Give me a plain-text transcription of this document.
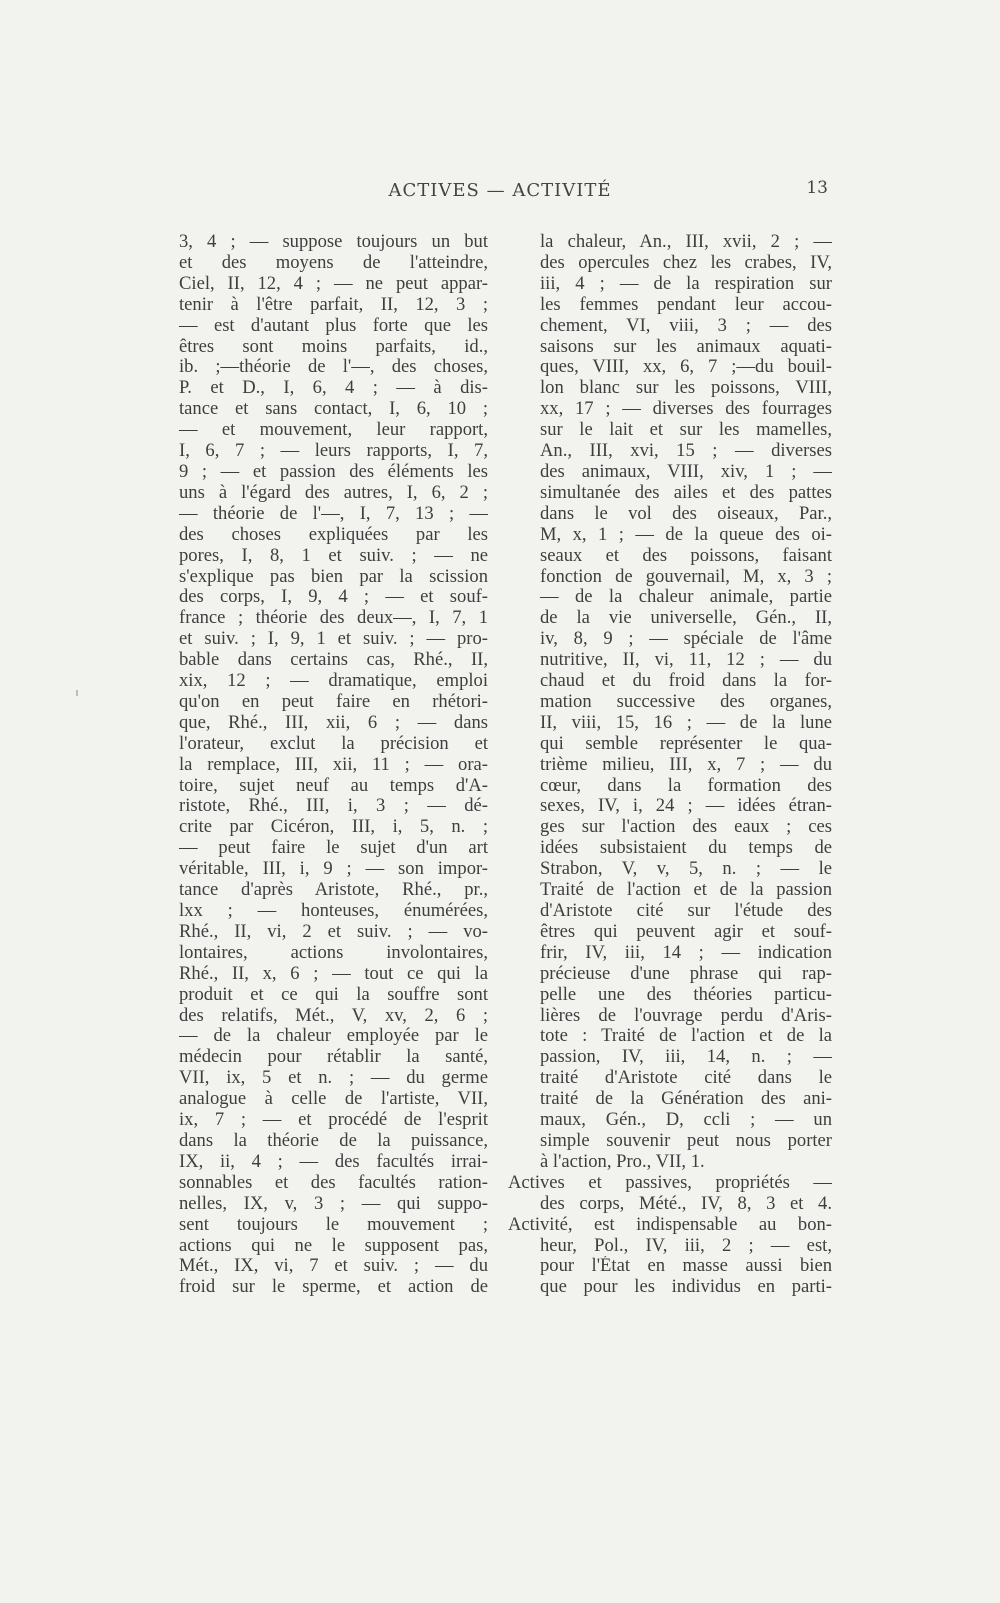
ACTIVES — ACTIVITÉ	13
3, 4 ; — suppose toujours un but
et des moyens de l'atteindre,
Ciel, II, 12, 4 ; — ne peut appar-
tenir à l'être parfait, II, 12, 3 ;
— est d'autant plus forte que les
êtres sont moins parfaits, id.,
ib. ;—théorie de l'—, des choses,
P. et D., I, 6, 4 ; — à dis-
tance et sans contact, I, 6, 10 ;
— et mouvement, leur rapport,
I, 6, 7 ; — leurs rapports, I, 7,
9 ; — et passion des éléments les
uns à l'égard des autres, I, 6, 2 ;
— théorie de l'—, I, 7, 13 ; —
des choses expliquées par les
pores, I, 8, 1 et suiv. ; — ne
s'explique pas bien par la scission
des corps, I, 9, 4 ; — et souf-
france ; théorie des deux—, I, 7, 1
et suiv. ; I, 9, 1 et suiv. ; — pro-
bable dans certains cas, Rhé., II,
xix, 12 ; — dramatique, emploi
qu'on en peut faire en rhétori-
que, Rhé., III, xii, 6 ; — dans
l'orateur, exclut la précision et
la remplace, III, xii, 11 ; — ora-
toire, sujet neuf au temps d'A-
ristote, Rhé., III, i, 3 ; — dé-
crite par Cicéron, III, i, 5, n. ;
— peut faire le sujet d'un art
véritable, III, i, 9 ; — son impor-
tance d'après Aristote, Rhé., pr.,
lxx ; — honteuses, énumérées,
Rhé., II, vi, 2 et suiv. ; — vo-
lontaires, actions involontaires,
Rhé., II, x, 6 ; — tout ce qui la
produit et ce qui la souffre sont
des relatifs, Mét., V, xv, 2, 6 ;
— de la chaleur employée par le
médecin pour rétablir la santé,
VII, ix, 5 et n. ; — du germe
analogue à celle de l'artiste, VII,
ix, 7 ; — et procédé de l'esprit
dans la théorie de la puissance,
IX, ii, 4 ; — des facultés irrai-
sonnables et des facultés ration-
nelles, IX, v, 3 ; — qui suppo-
sent toujours le mouvement ;
actions qui ne le supposent pas,
Mét., IX, vi, 7 et suiv. ; — du
froid sur le sperme, et action de
la chaleur, An., III, xvii, 2 ; —
des opercules chez les crabes, IV,
iii, 4 ; — de la respiration sur
les femmes pendant leur accou-
chement, VI, viii, 3 ; — des
saisons sur les animaux aquati-
ques, VIII, xx, 6, 7 ;—du bouil-
lon blanc sur les poissons, VIII,
xx, 17 ; — diverses des fourrages
sur le lait et sur les mamelles,
An., III, xvi, 15 ; — diverses
des animaux, VIII, xiv, 1 ; —
simultanée des ailes et des pattes
dans le vol des oiseaux, Par.,
M, x, 1 ; — de la queue des oi-
seaux et des poissons, faisant
fonction de gouvernail, M, x, 3 ;
— de la chaleur animale, partie
de la vie universelle, Gén., II,
iv, 8, 9 ; — spéciale de l'âme
nutritive, II, vi, 11, 12 ; — du
chaud et du froid dans la for-
mation successive des organes,
II, viii, 15, 16 ; — de la lune
qui semble représenter le qua-
trième milieu, III, x, 7 ; — du
cœur, dans la formation des
sexes, IV, i, 24 ; — idées étran-
ges sur l'action des eaux ; ces
idées subsistaient du temps de
Strabon, V, v, 5, n. ; — le
Traité de l'action et de la passion
d'Aristote cité sur l'étude des
êtres qui peuvent agir et souf-
frir, IV, iii, 14 ; — indication
précieuse d'une phrase qui rap-
pelle une des théories particu-
lières de l'ouvrage perdu d'Aris-
tote : Traité de l'action et de la
passion, IV, iii, 14, n. ; —
traité d'Aristote cité dans le
traité de la Génération des ani-
maux, Gén., D, ccli ; — un
simple souvenir peut nous porter
à l'action, Pro., VII, 1.
Actives et passives, propriétés —
des corps, Mété., IV, 8, 3 et 4.
Activité, est indispensable au bon-
heur, Pol., IV, iii, 2 ; — est,
pour l'État en masse aussi bien
que pour les individus en parti-
